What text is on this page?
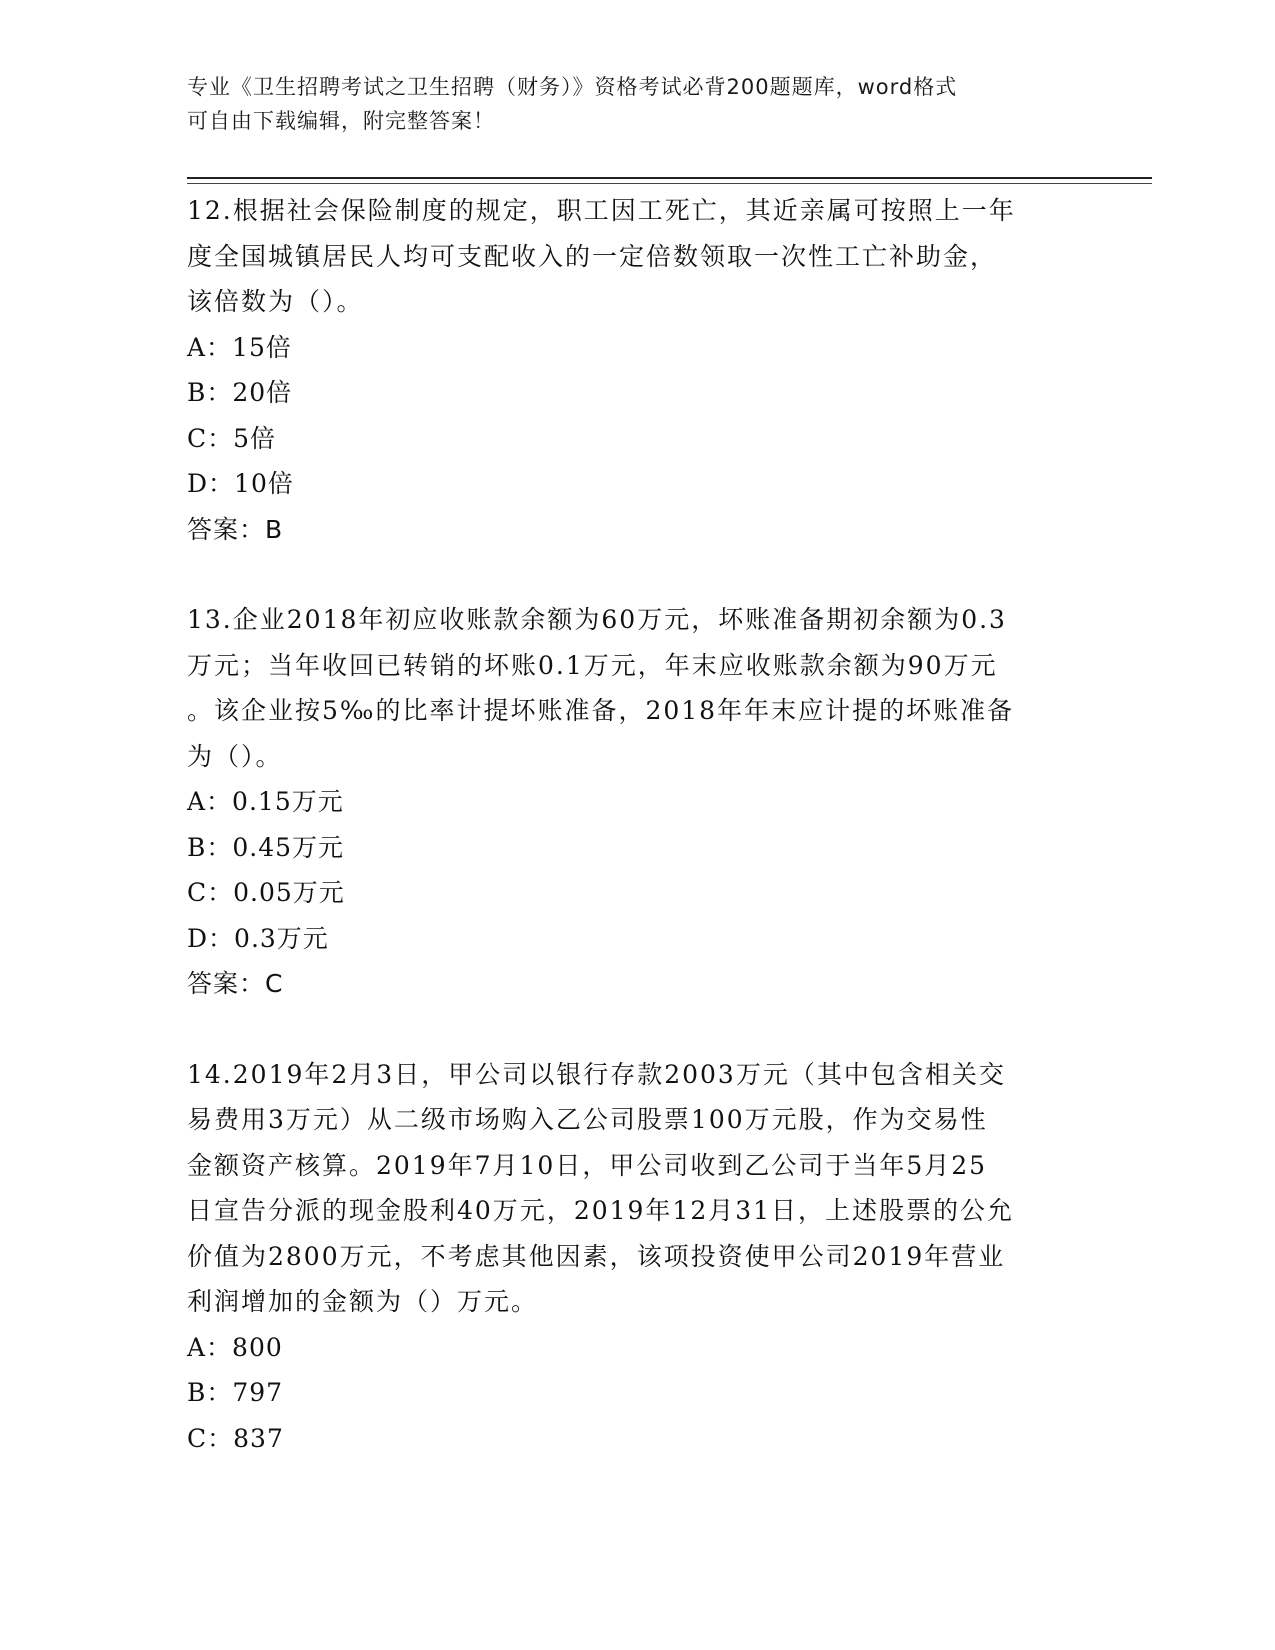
专业《卫生招聘考试之卫生招聘（财务）》资格考试必背200题题库，word格式
可自由下载编辑，附完整答案！
12.根据社会保险制度的规定，职工因工死亡，其近亲属可按照上一年
度全国城镇居民人均可支配收入的一定倍数领取一次性工亡补助金，
该倍数为（）。
A：15倍
B：20倍
C：5倍
D：10倍
答案：B
13.企业2018年初应收账款余额为60万元，坏账准备期初余额为0.3
万元；当年收回已转销的坏账0.1万元，年末应收账款余额为90万元
。该企业按5‰的比率计提坏账准备，2018年年末应计提的坏账准备
为（）。
A：0.15万元
B：0.45万元
C：0.05万元
D：0.3万元
答案：C
14.2019年2月3日，甲公司以银行存款2003万元（其中包含相关交
易费用3万元）从二级市场购入乙公司股票100万元股，作为交易性
金额资产核算。2019年7月10日，甲公司收到乙公司于当年5月25
日宣告分派的现金股利40万元，2019年12月31日，上述股票的公允
价值为2800万元，不考虑其他因素，该项投资使甲公司2019年营业
利润增加的金额为（）万元。
A：800
B：797
C：837
